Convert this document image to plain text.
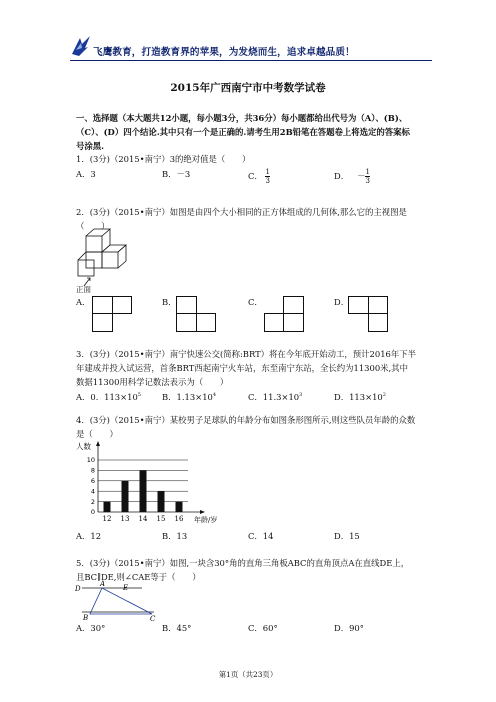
飞鹰教育，打造教育界的苹果，为发烧而生，追求卓越品质！
2015年广西南宁市中考数学试卷
一、选择题（本大题共12小题，每小题3分，共36分）每小题都给出代号为（A）、(B)、
（C）、(D）四个结论.其中只有一个是正确的.请考生用2B铅笔在答题卷上将选定的答案标
号涂黑.
1．(3分)（2015•南宁）3的绝对值是（　　）
A．3	B．－3	C． $\frac{1}{3}$	D． － $\frac{1}{3}$
2．(3分)（2015•南宁）如图是由四个大小相同的正方体组成的几何体,那么它的主视图是
（　　）
正面
A．	B．	C．	D．
3．(3分)（2015•南宁）南宁快速公交(简称:BRT）将在今年底开始动工，预计2016年下半
年建成并投入试运营，首条BRT西起南宁火车站，东至南宁东站，全长约为11300米,其中
数据11300用科学记数法表示为（　　）
A．0．$113\times 10^5$	B．$1.13\times 10^4$	C．$11.3\times 10^3$	D．$113\times 10^2$
4．(3分)（2015•南宁）某校男子足球队的年龄分布如图条形图所示,则这些队员年龄的众数
是（　　）
10
8
6
4
2
0
12 13 14 15 16
人数
年龄/岁
A．12	B．13	C．14	D．15
5．(3分)（2015•南宁）如图,一块含30°角的直角三角板ABC的直角顶点A在直线DE上，
且BC∥DE,则∠CAE等于（　　）
D
A	E
B	C
A．30°	B．45°	C．60°	D．90°
第1页（共23页）
